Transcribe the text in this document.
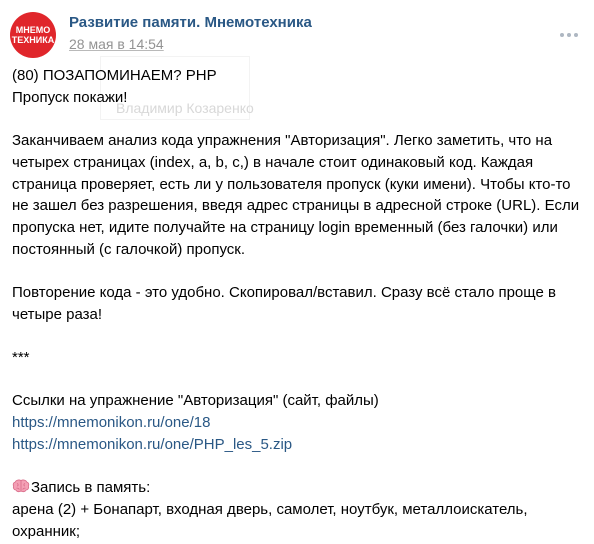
МНЕМО
ТЕХНИКА
Развитие памяти. Мнемотехника
28 мая в 14:54
Владимир Козаренко

(80) ПОЗАПОМИНАЕМ? PHP

Пропуск покажи!

Заканчиваем анализ кода упражнения "Авторизация". Легко заметить, что на четырех страницах (index, a, b, c,) в начале стоит одинаковый код. Каждая страница проверяет, есть ли у пользователя пропуск (куки имени). Чтобы кто-то не зашел без разрешения, введя адрес страницы в адресной строке (URL). Если пропуска нет, идите получайте на страницу login временный (без галочки) или постоянный (с галочкой) пропуск.

Повторение кода - это удобно. Скопировал/вставил. Сразу всё стало проще в четыре раза!

***

Ссылки на упражнение "Авторизация" (сайт, файлы)

https://mnemonikon.ru/one/18

https://mnemonikon.ru/one/PHP_les_5.zip

Запись в память:

арена (2) + Бонапарт, входная дверь, самолет, ноутбук, металлоискатель, охранник;
